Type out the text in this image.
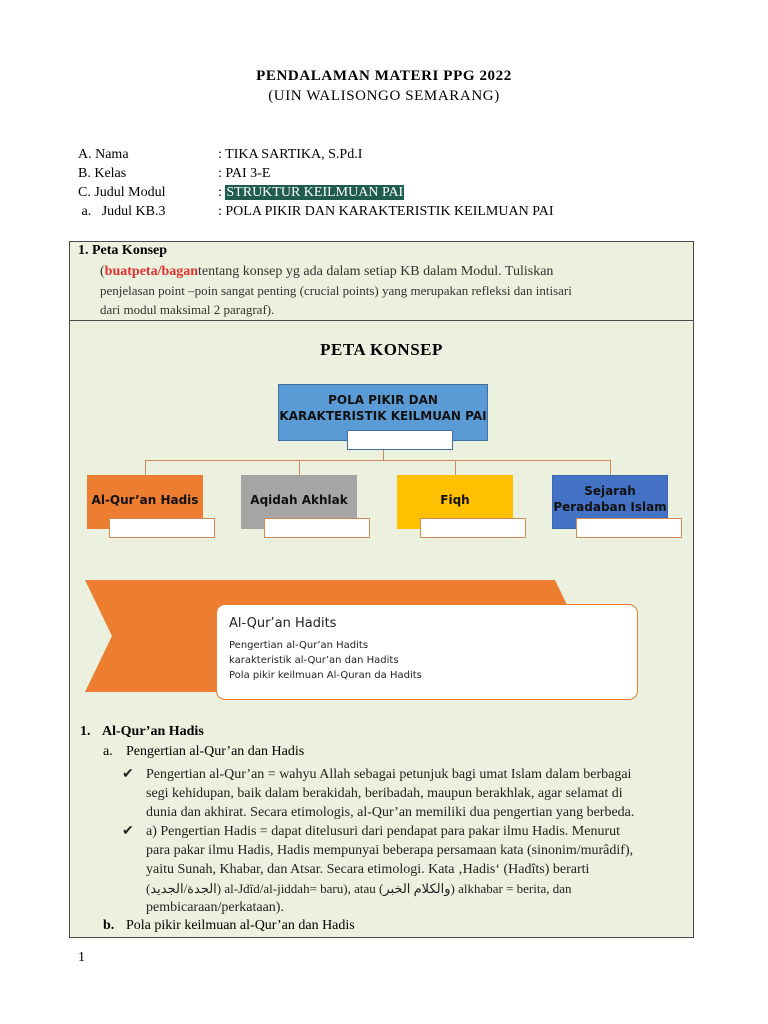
PENDALAMAN MATERI PPG 2022
(UIN WALISONGO SEMARANG)
A. Nama	: TIKA SARTIKA, S.Pd.I
B. Kelas	: PAI 3-E
C. Judul Modul	: STRUKTUR KEILMUAN PAI
a.   Judul KB.3	: POLA PIKIR DAN KARAKTERISTIK KEILMUAN PAI
1. Peta Konsep
(buatpeta/bagantentang konsep yg ada dalam setiap KB dalam Modul. Tuliskan
penjelasan point –poin sangat penting (crucial points) yang merupakan refleksi dan intisari
dari modul maksimal 2 paragraf).
PETA KONSEP
POLA PIKIR DAN
KARAKTERISTIK KEILMUAN PAI
Al-Qur’an Hadis	Aqidah Akhlak	Fiqh
Sejarah
Peradaban Islam
Al-Qur’an Hadits
Pengertian al-Qur’an Hadits
karakteristik al-Qur’an dan Hadits
Pola pikir keilmuan Al-Quran da Hadits
1. Al-Qur’an Hadis
a. Pengertian al-Qur’an dan Hadis
✔ Pengertian al-Qur’an = wahyu Allah sebagai petunjuk bagi umat Islam dalam berbagai
segi kehidupan, baik dalam berakidah, beribadah, maupun berakhlak, agar selamat di
dunia dan akhirat. Secara etimologis, al-Qur’an memiliki dua pengertian yang berbeda.
✔ a) Pengertian Hadis = dapat ditelusuri dari pendapat para pakar ilmu Hadis. Menurut
para pakar ilmu Hadis, Hadis mempunyai beberapa persamaan kata (sinonim/murâdif),
yaitu Sunah, Khabar, dan Atsar. Secara etimologi. Kata ‚Hadis‘ (Hadîts) berarti
(الجدة/الجديد) al-Jdîd/al-jiddah= baru), atau (والكلام الخبر) alkhabar = berita, dan
pembicaraan/perkataan).
b. Pola pikir keilmuan al-Qur’an dan Hadis
1
